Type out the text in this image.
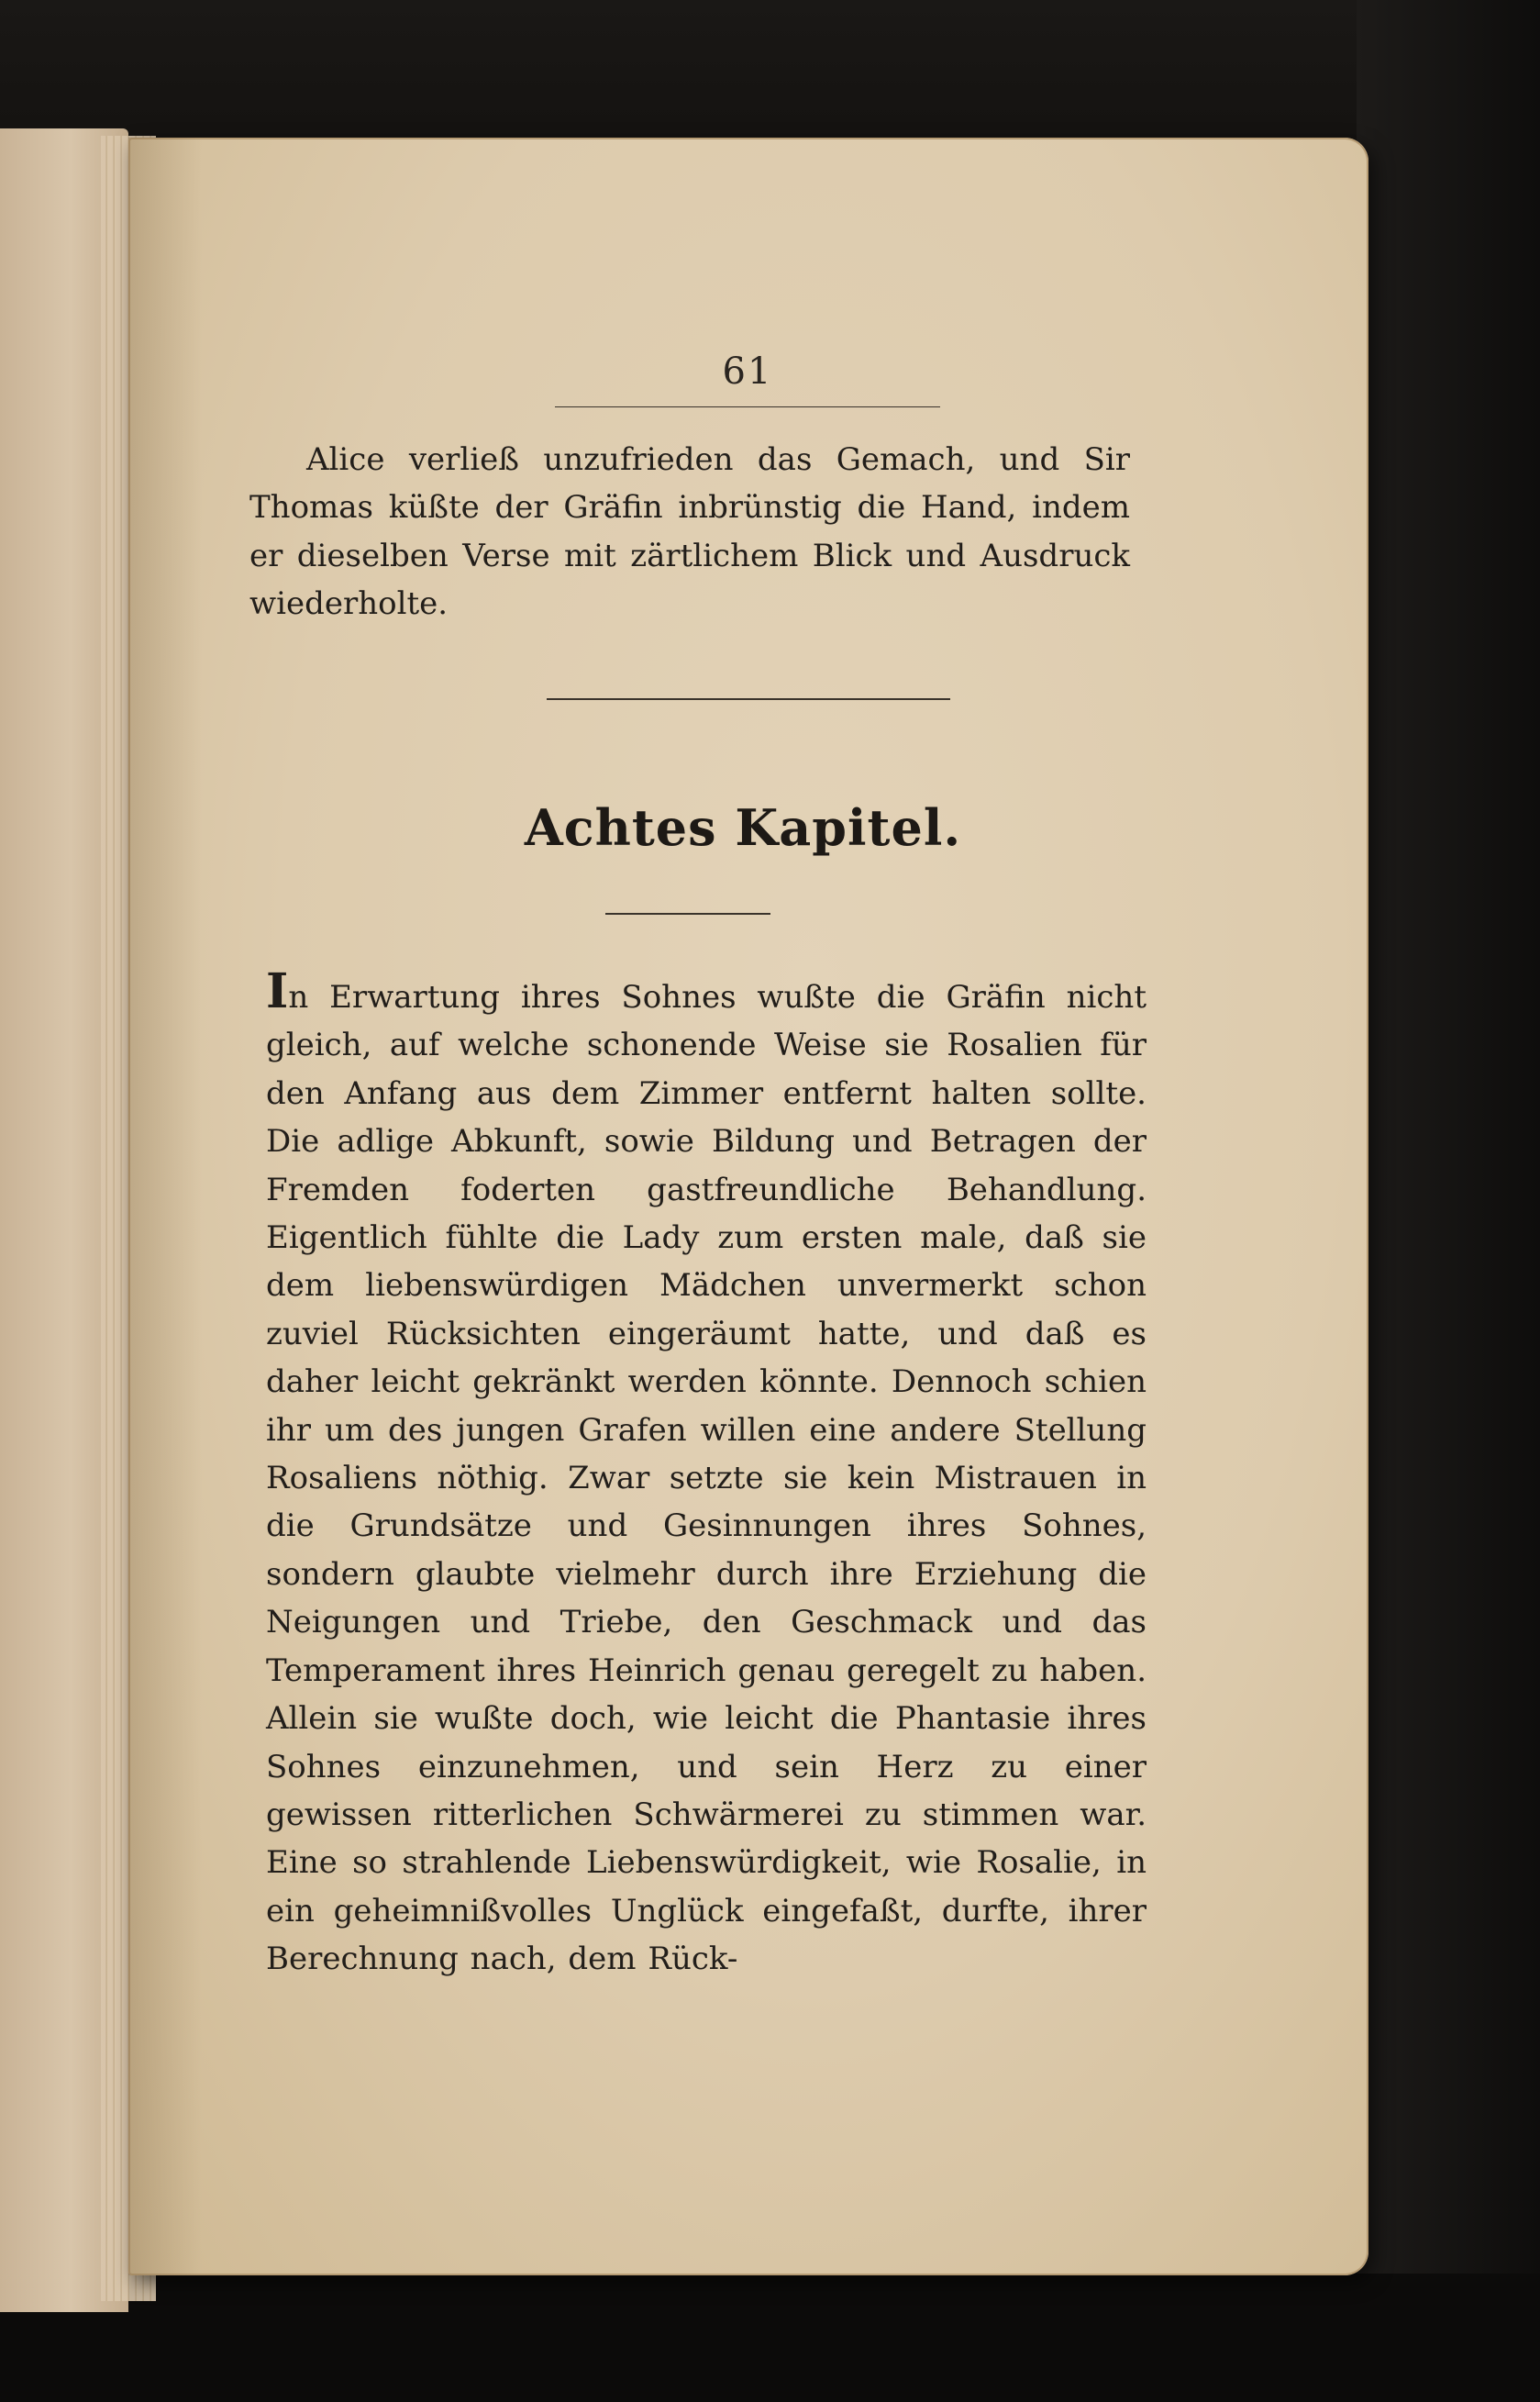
61

Alice verließ unzufrieden das Gemach, und Sir Thomas küßte der Gräfin inbrünstig die Hand, indem er dieselben Verse mit zärtlichem Blick und Ausdruck wiederholte.

Achtes Kapitel.

In Erwartung ihres Sohnes wußte die Gräfin nicht gleich, auf welche schonende Weise sie Rosalien für den Anfang aus dem Zimmer entfernt halten sollte. Die adlige Abkunft, sowie Bildung und Betragen der Fremden foderten gastfreundliche Behandlung. Eigentlich fühlte die Lady zum ersten male, daß sie dem liebenswürdigen Mädchen unvermerkt schon zuviel Rücksichten eingeräumt hatte, und daß es daher leicht gekränkt werden könnte. Dennoch schien ihr um des jungen Grafen willen eine andere Stellung Rosaliens nöthig. Zwar setzte sie kein Mistrauen in die Grundsätze und Gesinnungen ihres Sohnes, sondern glaubte vielmehr durch ihre Erziehung die Neigungen und Triebe, den Geschmack und das Temperament ihres Heinrich genau geregelt zu haben. Allein sie wußte doch, wie leicht die Phantasie ihres Sohnes einzunehmen, und sein Herz zu einer gewissen ritterlichen Schwärmerei zu stimmen war. Eine so strahlende Liebenswürdigkeit, wie Rosalie, in ein geheimnißvolles Unglück eingefaßt, durfte, ihrer Berechnung nach, dem Rück-
